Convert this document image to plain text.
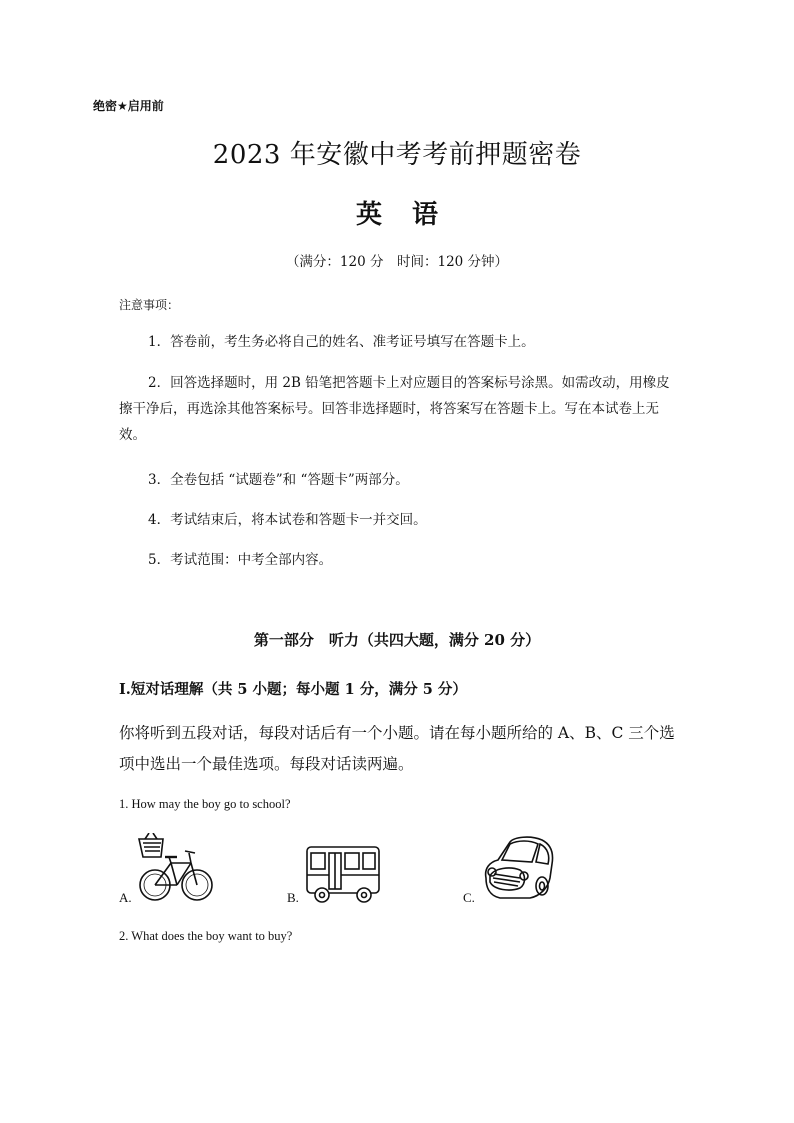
绝密★启用前
2023 年安徽中考考前押题密卷
英 语
（满分：120 分　时间：120 分钟）
注意事项：
1．答卷前，考生务必将自己的姓名、准考证号填写在答题卡上。
2．回答选择题时，用 2B 铅笔把答题卡上对应题目的答案标号涂黑。如需改动，用橡皮擦干净后，再选涂其他答案标号。回答非选择题时，将答案写在答题卡上。写在本试卷上无效。
3．全卷包括 “试题卷”和 “答题卡”两部分。
4．考试结束后，将本试卷和答题卡一并交回。
5．考试范围：中考全部内容。
第一部分　听力（共四大题，满分 20 分）
Ⅰ.短对话理解（共 5 小题；每小题 1 分，满分 5 分）
你将听到五段对话，每段对话后有一个小题。请在每小题所给的 A、B、C 三个选项中选出一个最佳选项。每段对话读两遍。
1. How may the boy go to school?
A.	B.	C.
2. What does the boy want to buy?
